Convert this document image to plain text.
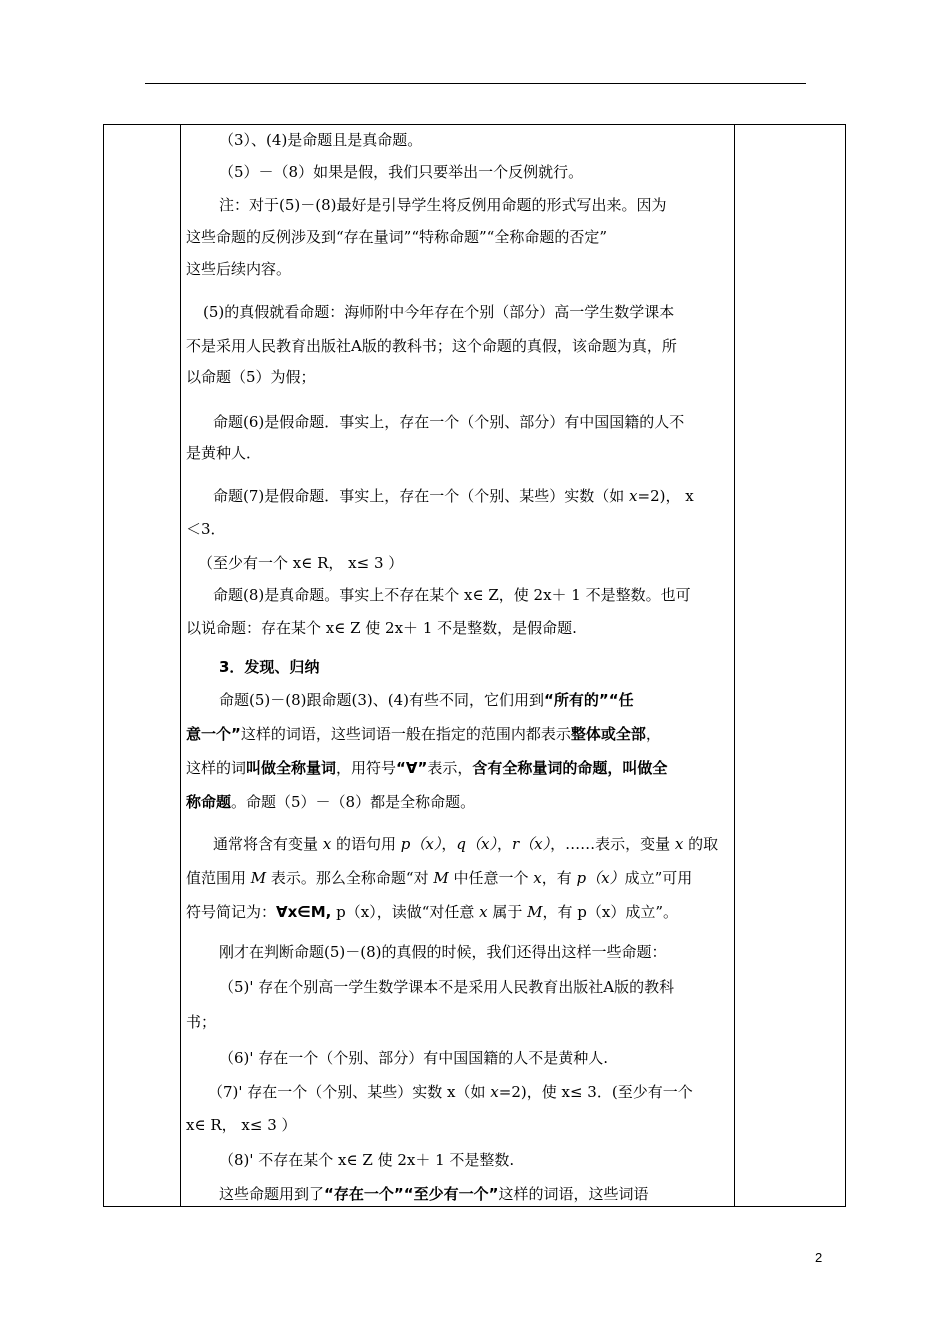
（3）、(4)是命题且是真命题。
（5）－（8）如果是假，我们只要举出一个反例就行。
注：对于(5)－(8)最好是引导学生将反例用命题的形式写出来。因为
这些命题的反例涉及到“存在量词”“特称命题”“全称命题的否定”
这些后续内容。
(5)的真假就看命题：海师附中今年存在个别（部分）高一学生数学课本
不是采用人民教育出版社A版的教科书；这个命题的真假，该命题为真，所
以命题（5）为假；
命题(6)是假命题．事实上，存在一个（个别、部分）有中国国籍的人不
是黄种人．
命题(7)是假命题．事实上，存在一个（个别、某些）实数（如 x=2)， x
＜3．
（至少有一个 x∈ R， x≤ 3 ）
命题(8)是真命题。事实上不存在某个 x∈ Z，使 2x＋ 1 不是整数。也可
以说命题：存在某个 x∈ Z 使 2x＋ 1 不是整数，是假命题.
3．发现、归纳
命题(5)－(8)跟命题(3)、(4)有些不同，它们用到“所有的”“任
意一个”这样的词语，这些词语一般在指定的范围内都表示整体或全部，
这样的词叫做全称量词，用符号“∀”表示，含有全称量词的命题，叫做全
称命题。命题（5）－（8）都是全称命题。
通常将含有变量 x 的语句用 p（x），q（x），r（x），……表示，变量 x 的取
值范围用 M 表示。那么全称命题“对 M 中任意一个 x，有 p（x）成立”可用
符号简记为：∀x∈M, p（x），读做“对任意 x 属于 M，有 p（x）成立”。
刚才在判断命题(5)－(8)的真假的时候，我们还得出这样一些命题：
（5)' 存在个别高一学生数学课本不是采用人民教育出版社A版的教科
书；
（6)' 存在一个（个别、部分）有中国国籍的人不是黄种人.
（7)' 存在一个（个别、某些）实数 x（如 x=2)，使 x≤ 3．(至少有一个
x∈ R， x≤ 3 ）
（8)' 不存在某个 x∈ Z 使 2x＋ 1 不是整数.
这些命题用到了“存在一个”“至少有一个”这样的词语，这些词语
2
